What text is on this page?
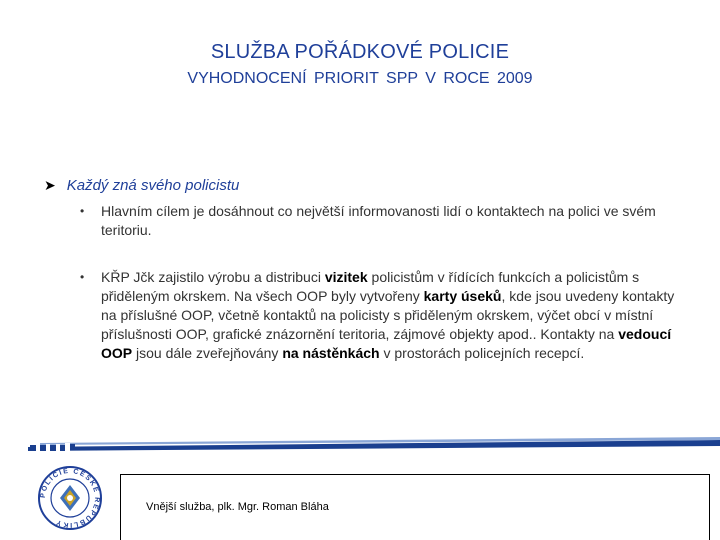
SLUŽBA POŘÁDKOVÉ POLICIE
VYHODNOCENÍ PRIORIT SPP V ROCE 2009
➤ Každý zná svého policistu
•	Hlavním cílem je dosáhnout co největší informovanosti lidí o kontaktech na polici ve svém teritoriu.
•	KŘP Jčk zajistilo výrobu a distribuci vizitek policistům v řídících funkcích a policistům s přiděleným okrskem. Na všech OOP byly vytvořeny karty úseků, kde jsou uvedeny kontakty na příslušné OOP, včetně kontaktů na policisty s přiděleným okrskem, výčet obcí v místní příslušnosti OOP, grafické znázornění teritoria, zájmové objekty apod.. Kontakty na vedoucí OOP jsou dále zveřejňovány na nástěnkách v prostorách policejních recepcí.
POLICIE ČESKÉ REPUBLIKY
Vnější služba, plk. Mgr. Roman Bláha
